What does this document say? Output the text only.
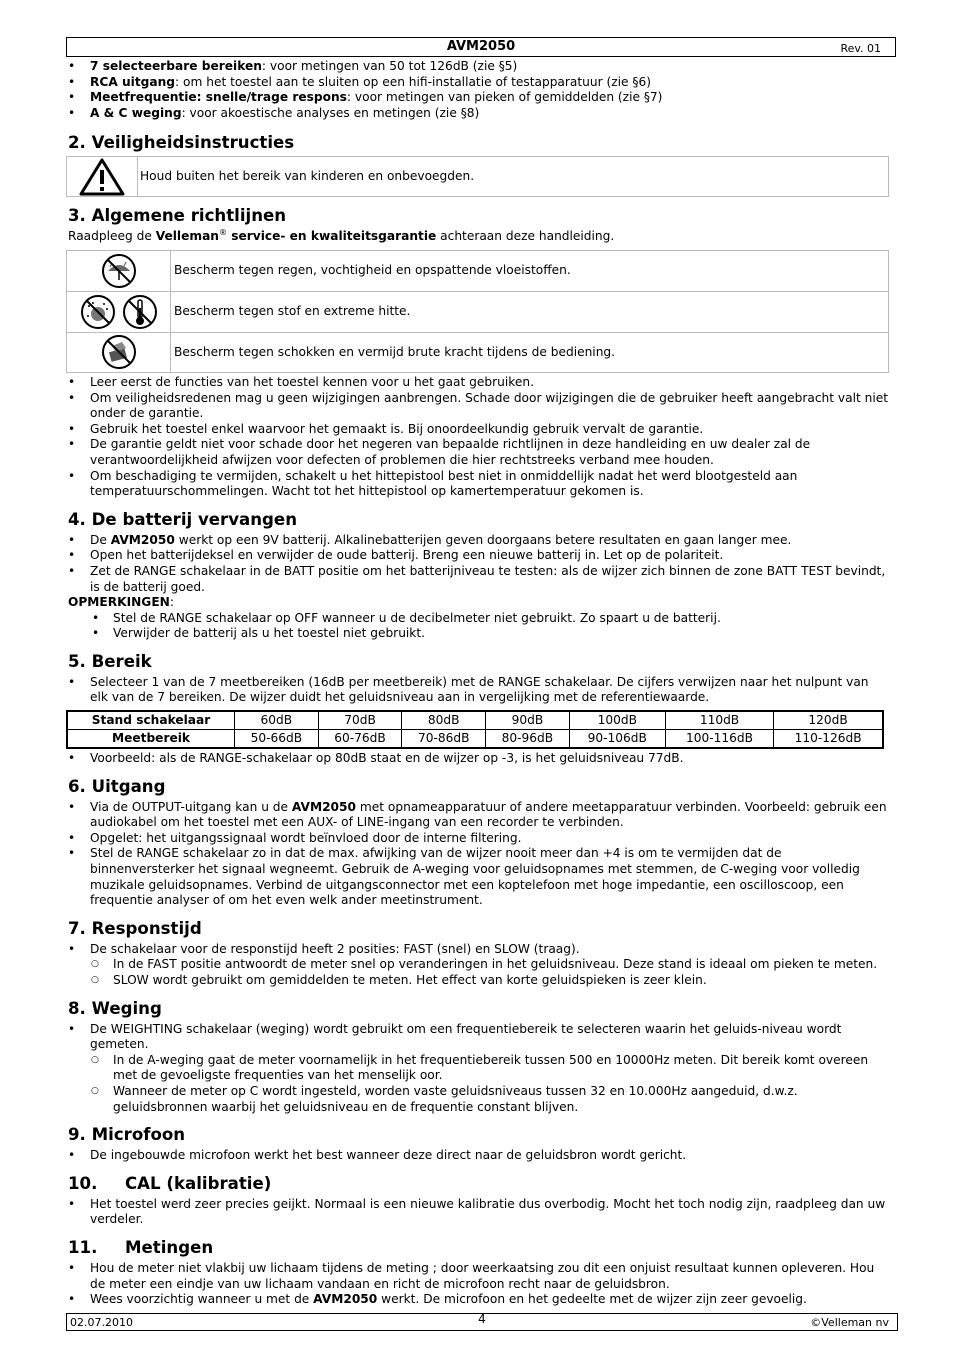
AVM2050	Rev. 01
• 7 selecteerbare bereiken: voor metingen van 50 tot 126dB (zie §5)
• RCA uitgang: om het toestel aan te sluiten op een hifi-installatie of testapparatuur (zie §6)
• Meetfrequentie: snelle/trage respons: voor metingen van pieken of gemiddelden (zie §7)
• A & C weging: voor akoestische analyses en metingen (zie §8)
2. Veiligheidsinstructies
Houd buiten het bereik van kinderen en onbevoegden.
3. Algemene richtlijnen

Raadpleeg de Velleman® service- en kwaliteitsgarantie achteraan deze handleiding.

Bescherm tegen regen, vochtigheid en opspattende vloeistoffen.
Bescherm tegen stof en extreme hitte.
Bescherm tegen schokken en vermijd brute kracht tijdens de bediening.
• Leer eerst de functies van het toestel kennen voor u het gaat gebruiken.
• Om veiligheidsredenen mag u geen wijzigingen aanbrengen. Schade door wijzigingen die de gebruiker heeft aangebracht valt niet onder de garantie.
• Gebruik het toestel enkel waarvoor het gemaakt is. Bij onoordeelkundig gebruik vervalt de garantie.
• De garantie geldt niet voor schade door het negeren van bepaalde richtlijnen in deze handleiding en uw dealer zal de verantwoordelijkheid afwijzen voor defecten of problemen die hier rechtstreeks verband mee houden.
• Om beschadiging te vermijden, schakelt u het hittepistool best niet in onmiddellijk nadat het werd blootgesteld aan temperatuurschommelingen. Wacht tot het hittepistool op kamertemperatuur gekomen is.
4. De batterij vervangen
• De AVM2050 werkt op een 9V batterij. Alkalinebatterijen geven doorgaans betere resultaten en gaan langer mee.
• Open het batterijdeksel en verwijder de oude batterij. Breng een nieuwe batterij in. Let op de polariteit.
• Zet de RANGE schakelaar in de BATT positie om het batterijniveau te testen: als de wijzer zich binnen de zone BATT TEST bevindt, is de batterij goed.

OPMERKINGEN:

• Stel de RANGE schakelaar op OFF wanneer u de decibelmeter niet gebruikt. Zo spaart u de batterij.
• Verwijder de batterij als u het toestel niet gebruikt.
5. Bereik
• Selecteer 1 van de 7 meetbereiken (16dB per meetbereik) met de RANGE schakelaar. De cijfers verwijzen naar het nulpunt van elk van de 7 bereiken. De wijzer duidt het geluidsniveau aan in vergelijking met de referentiewaarde.
Stand schakelaar	60dB	70dB	80dB	90dB	100dB	110dB	120dB
Meetbereik	50-66dB	60-76dB	70-86dB	80-96dB	90-106dB	100-116dB	110-126dB
• Voorbeeld: als de RANGE-schakelaar op 80dB staat en de wijzer op -3, is het geluidsniveau 77dB.
6. Uitgang
• Via de OUTPUT-uitgang kan u de AVM2050 met opnameapparatuur of andere meetapparatuur verbinden. Voorbeeld: gebruik een audiokabel om het toestel met een AUX- of LINE-ingang van een recorder te verbinden.
• Opgelet: het uitgangssignaal wordt beïnvloed door de interne filtering.
• Stel de RANGE schakelaar zo in dat de max. afwijking van de wijzer nooit meer dan +4 is om te vermijden dat de binnenversterker het signaal wegneemt. Gebruik de A-weging voor geluidsopnames met stemmen, de C-weging voor volledig muzikale geluidsopnames. Verbind de uitgangsconnector met een koptelefoon met hoge impedantie, een oscilloscoop, een frequentie analyser of om het even welk ander meetinstrument.
7. Responstijd
• De schakelaar voor de responstijd heeft 2 posities: FAST (snel) en SLOW (traag).
○ In de FAST positie antwoordt de meter snel op veranderingen in het geluidsniveau. Deze stand is ideaal om pieken te meten.
○ SLOW wordt gebruikt om gemiddelden te meten. Het effect van korte geluidspieken is zeer klein.
8. Weging
• De WEIGHTING schakelaar (weging) wordt gebruikt om een frequentiebereik te selecteren waarin het geluids-niveau wordt gemeten.
○ In de A-weging gaat de meter voornamelijk in het frequentiebereik tussen 500 en 10000Hz meten. Dit bereik komt overeen met de gevoeligste frequenties van het menselijk oor.
○ Wanneer de meter op C wordt ingesteld, worden vaste geluidsniveaus tussen 32 en 10.000Hz aangeduid, d.w.z. geluidsbronnen waarbij het geluidsniveau en de frequentie constant blijven.
9. Microfoon
• De ingebouwde microfoon werkt het best wanneer deze direct naar de geluidsbron wordt gericht.
10. CAL (kalibratie)
• Het toestel werd zeer precies geijkt. Normaal is een nieuwe kalibratie dus overbodig. Mocht het toch nodig zijn, raadpleeg dan uw verdeler.
11. Metingen
• Hou de meter niet vlakbij uw lichaam tijdens de meting ; door weerkaatsing zou dit een onjuist resultaat kunnen opleveren. Hou de meter een eindje van uw lichaam vandaan en richt de microfoon recht naar de geluidsbron.
• Wees voorzichtig wanneer u met de AVM2050 werkt. De microfoon en het gedeelte met de wijzer zijn zeer gevoelig.
02.07.2010	4	©Velleman nv
